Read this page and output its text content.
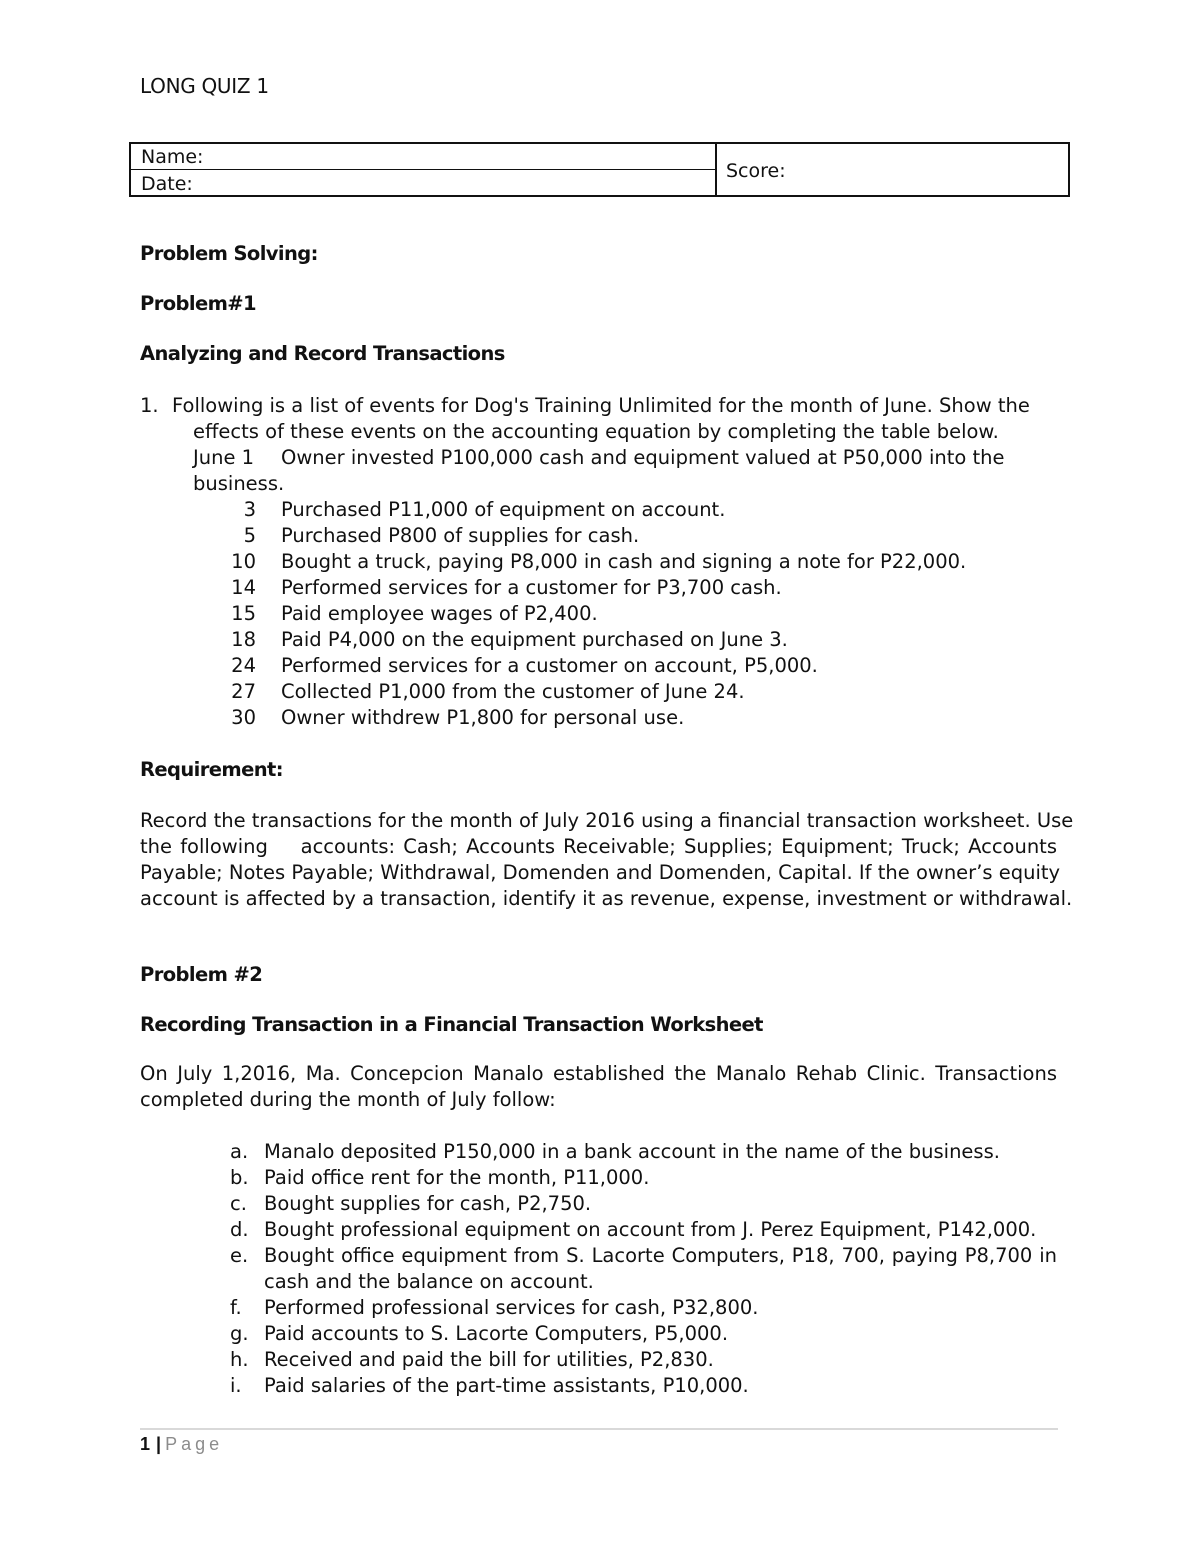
LONG QUIZ 1
Name:
Date:
Score:
Problem Solving:
Problem#1
Analyzing and Record Transactions
1. Following is a list of events for Dog's Training Unlimited for the month of June. Show the
effects of these events on the accounting equation by completing the table below.
June 1 Owner invested P100,000 cash and equipment valued at P50,000 into the
business.
3 Purchased P11,000 of equipment on account.
5 Purchased P800 of supplies for cash.
10 Bought a truck, paying P8,000 in cash and signing a note for P22,000.
14 Performed services for a customer for P3,700 cash.
15 Paid employee wages of P2,400.
18 Paid P4,000 on the equipment purchased on June 3.
24 Performed services for a customer on account, P5,000.
27 Collected P1,000 from the customer of June 24.
30 Owner withdrew P1,800 for personal use.
Requirement:
Record the transactions for the month of July 2016 using a financial transaction worksheet. Use
the following    accounts: Cash; Accounts Receivable; Supplies; Equipment; Truck; Accounts
Payable; Notes Payable; Withdrawal, Domenden and Domenden, Capital. If the owner’s equity
account is affected by a transaction, identify it as revenue, expense, investment or withdrawal.
Problem #2
Recording Transaction in a Financial Transaction Worksheet
On July 1,2016, Ma. Concepcion Manalo established the Manalo Rehab Clinic. Transactions
completed during the month of July follow:
a. Manalo deposited P150,000 in a bank account in the name of the business.
b. Paid office rent for the month, P11,000.
c. Bought supplies for cash, P2,750.
d. Bought professional equipment on account from J. Perez Equipment, P142,000.
e. Bought office equipment from S. Lacorte Computers, P18, 700, paying P8,700 in
cash and the balance on account.
f. Performed professional services for cash, P32,800.
g. Paid accounts to S. Lacorte Computers, P5,000.
h. Received and paid the bill for utilities, P2,830.
i. Paid salaries of the part-time assistants, P10,000.
1 | Page
